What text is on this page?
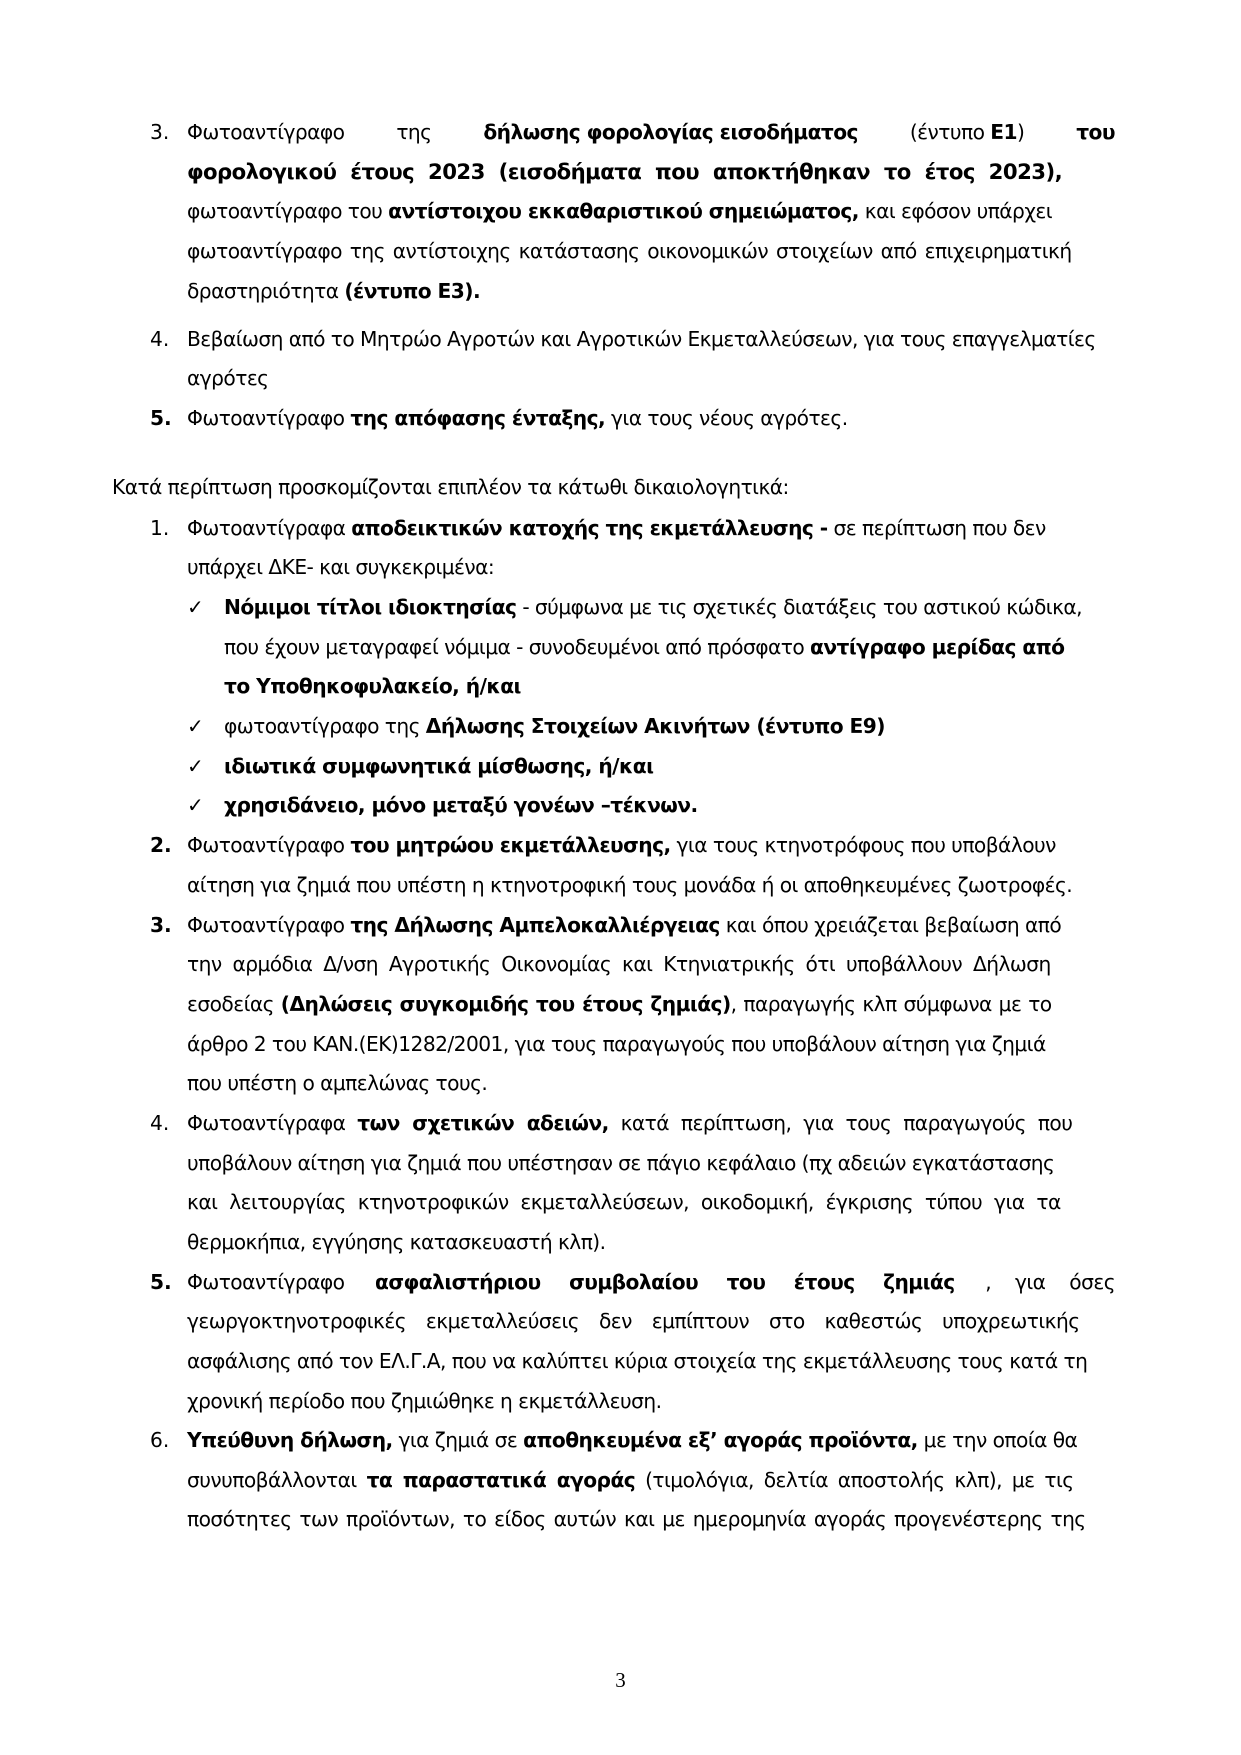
3. Φωτοαντίγραφο	της	δήλωσης φορολογίας εισοδήματος	(έντυπο Ε1)	του
φορολογικού έτους 2023 (εισοδήματα που αποκτήθηκαν το έτος 2023),
φωτοαντίγραφο του αντίστοιχου εκκαθαριστικού σημειώματος, και εφόσον υπάρχει
φωτοαντίγραφο της αντίστοιχης κατάστασης οικονομικών στοιχείων από επιχειρηματική
δραστηριότητα (έντυπο Ε3).
4. Βεβαίωση από το Μητρώο Αγροτών και Αγροτικών Εκμεταλλεύσεων, για τους επαγγελματίες
αγρότες
5. Φωτοαντίγραφο της απόφασης ένταξης, για τους νέους αγρότες.
Κατά περίπτωση προσκομίζονται επιπλέον τα κάτωθι δικαιολογητικά:
1. Φωτοαντίγραφα αποδεικτικών κατοχής της εκμετάλλευσης - σε περίπτωση που δεν
υπάρχει ΔΚΕ- και συγκεκριμένα:
✓ Νόμιμοι τίτλοι ιδιοκτησίας - σύμφωνα με τις σχετικές διατάξεις του αστικού κώδικα,
που έχουν μεταγραφεί νόμιμα - συνοδευμένοι από πρόσφατο αντίγραφο μερίδας από
το Υποθηκοφυλακείο, ή/και
✓ φωτοαντίγραφο της Δήλωσης Στοιχείων Ακινήτων (έντυπο Ε9)
✓ ιδιωτικά συμφωνητικά μίσθωσης, ή/και
✓ χρησιδάνειο, μόνο μεταξύ γονέων –τέκνων.
2. Φωτοαντίγραφο του μητρώου εκμετάλλευσης, για τους κτηνοτρόφους που υποβάλουν
αίτηση για ζημιά που υπέστη η κτηνοτροφική τους μονάδα ή οι αποθηκευμένες ζωοτροφές.
3. Φωτοαντίγραφο της Δήλωσης Αμπελοκαλλιέργειας και όπου χρειάζεται βεβαίωση από
την αρμόδια Δ/νση Αγροτικής Οικονομίας και Κτηνιατρικής ότι υποβάλλουν Δήλωση
εσοδείας (Δηλώσεις συγκομιδής του έτους ζημιάς), παραγωγής κλπ σύμφωνα με το
άρθρο 2 του ΚΑΝ.(ΕΚ)1282/2001, για τους παραγωγούς που υποβάλουν αίτηση για ζημιά
που υπέστη ο αμπελώνας τους.
4. Φωτοαντίγραφα των σχετικών αδειών, κατά περίπτωση, για τους παραγωγούς που
υποβάλουν αίτηση για ζημιά που υπέστησαν σε πάγιο κεφάλαιο (πχ αδειών εγκατάστασης
και λειτουργίας κτηνοτροφικών εκμεταλλεύσεων, οικοδομική, έγκρισης τύπου για τα
θερμοκήπια, εγγύησης κατασκευαστή κλπ).
5. Φωτοαντίγραφο ασφαλιστήριου συμβολαίου του έτους ζημιάς , για όσες
γεωργοκτηνοτροφικές εκμεταλλεύσεις δεν εμπίπτουν στο καθεστώς υποχρεωτικής
ασφάλισης από τον ΕΛ.Γ.Α, που να καλύπτει κύρια στοιχεία της εκμετάλλευσης τους κατά τη
χρονική περίοδο που ζημιώθηκε η εκμετάλλευση.
6. Υπεύθυνη δήλωση, για ζημιά σε αποθηκευμένα εξ’ αγοράς προϊόντα, με την οποία θα
συνυποβάλλονται τα παραστατικά αγοράς (τιμολόγια, δελτία αποστολής κλπ), με τις
ποσότητες των προϊόντων, το είδος αυτών και με ημερομηνία αγοράς προγενέστερης της
3
